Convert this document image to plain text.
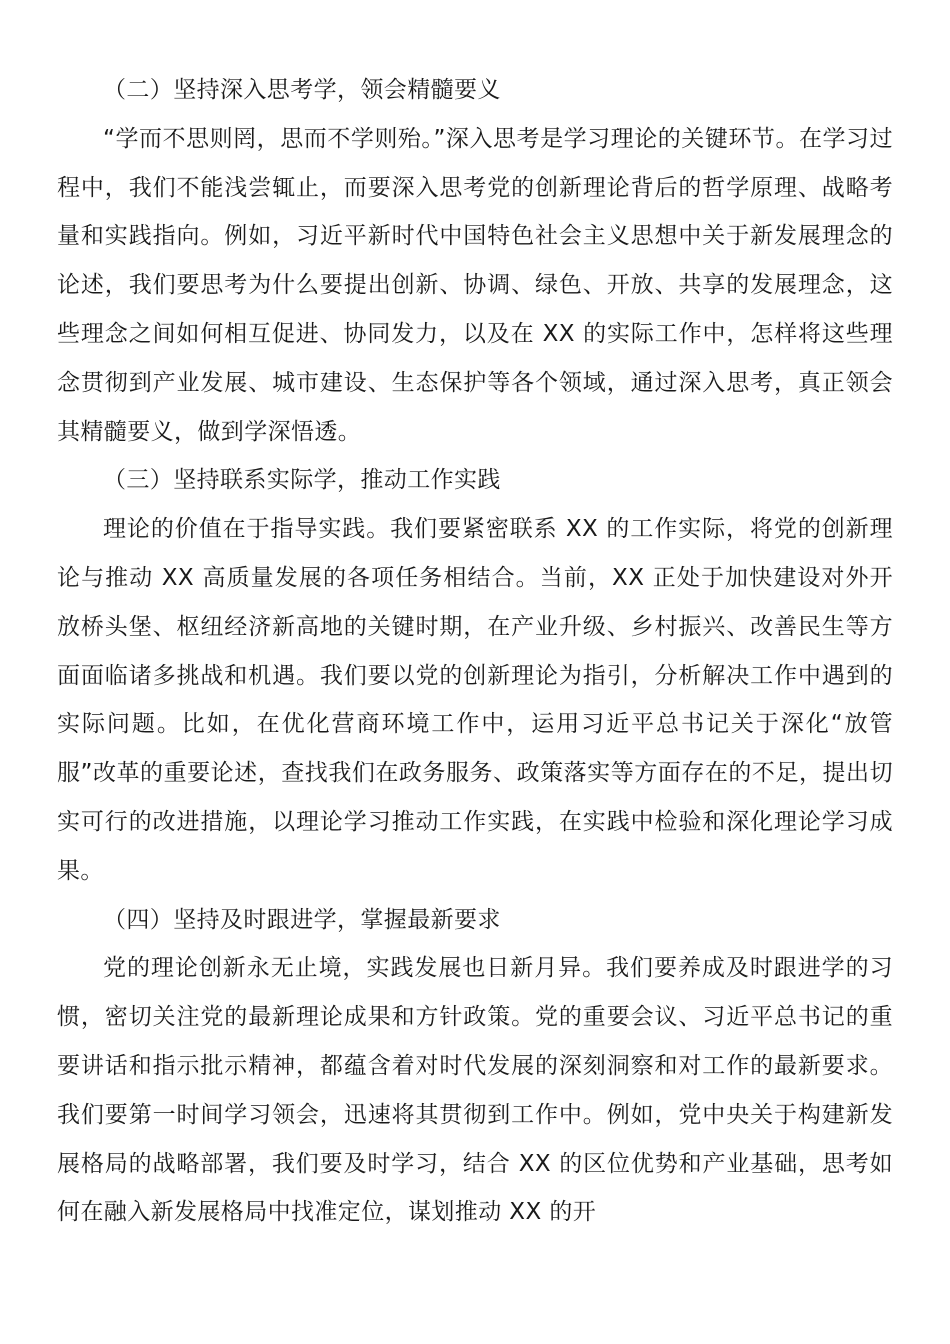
（二）坚持深入思考学，领会精髓要义

“学而不思则罔，思而不学则殆。”深入思考是学习理论的关键环节。在学习过程中，我们不能浅尝辄止，而要深入思考党的创新理论背后的哲学原理、战略考量和实践指向。例如，习近平新时代中国特色社会主义思想中关于新发展理念的论述，我们要思考为什么要提出创新、协调、绿色、开放、共享的发展理念，这些理念之间如何相互促进、协同发力，以及在 XX 的实际工作中，怎样将这些理念贯彻到产业发展、城市建设、生态保护等各个领域，通过深入思考，真正领会其精髓要义，做到学深悟透。

（三）坚持联系实际学，推动工作实践

理论的价值在于指导实践。我们要紧密联系 XX 的工作实际，将党的创新理论与推动 XX 高质量发展的各项任务相结合。当前，XX 正处于加快建设对外开放桥头堡、枢纽经济新高地的关键时期，在产业升级、乡村振兴、改善民生等方面面临诸多挑战和机遇。我们要以党的创新理论为指引，分析解决工作中遇到的实际问题。比如，在优化营商环境工作中，运用习近平总书记关于深化“放管服”改革的重要论述，查找我们在政务服务、政策落实等方面存在的不足，提出切实可行的改进措施，以理论学习推动工作实践，在实践中检验和深化理论学习成果。

（四）坚持及时跟进学，掌握最新要求

党的理论创新永无止境，实践发展也日新月异。我们要养成及时跟进学的习惯，密切关注党的最新理论成果和方针政策。党的重要会议、习近平总书记的重要讲话和指示批示精神，都蕴含着对时代发展的深刻洞察和对工作的最新要求。我们要第一时间学习领会，迅速将其贯彻到工作中。例如，党中央关于构建新发展格局的战略部署，我们要及时学习，结合 XX 的区位优势和产业基础，思考如何在融入新发展格局中找准定位，谋划推动 XX 的开
